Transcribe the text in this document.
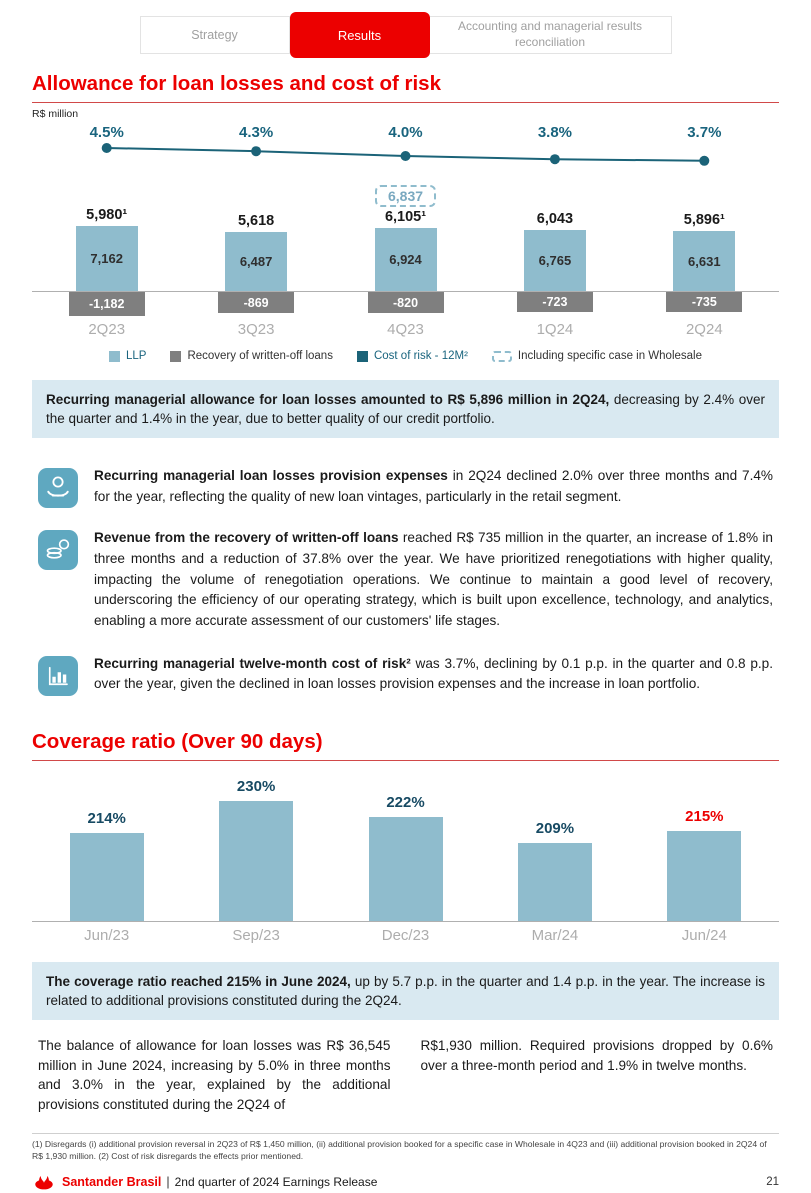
Strategy	Results
Accounting and managerial results reconciliation
Allowance for loan losses and cost of risk
R$ million
4.5%	4.3%	4.0%	3.8%	3.7%
5,980¹
7,162
5,618
6,487
6,837
6,105¹
6,924
6,043
6,765
5,896¹
6,631
-1,182	-869	-820	-723	-735
2Q23	3Q23	4Q23	1Q24	2Q24
LLP	Recovery of written-off loans	Cost of risk - 12M²	Including specific case in Wholesale
Recurring managerial allowance for loan losses amounted to R$ 5,896 million in 2Q24, decreasing by 2.4% over the quarter and 1.4% in the year, due to better quality of our credit portfolio.
Recurring managerial loan losses provision expenses in 2Q24 declined 2.0% over three months and 7.4% for the year, reflecting the quality of new loan vintages, particularly in the retail segment.
Revenue from the recovery of written-off loans reached R$ 735 million in the quarter, an increase of 1.8% in three months and a reduction of 37.8% over the year. We have prioritized renegotiations with higher quality, impacting the volume of renegotiation operations. We continue to maintain a good level of recovery, underscoring the efficiency of our operating strategy, which is built upon excellence, technology, and analytics, enabling a more accurate assessment of our customers' life stages.
Recurring managerial twelve-month cost of risk² was 3.7%, declining by 0.1 p.p. in the quarter and 0.8 p.p. over the year, given the declined in loan losses provision expenses and the increase in loan portfolio.
Coverage ratio (Over 90 days)
214%
230%
222%
209%
215%
Jun/23	Sep/23	Dec/23	Mar/24	Jun/24
The coverage ratio reached 215% in June 2024, up by 5.7 p.p. in the quarter and 1.4 p.p. in the year. The increase is related to additional provisions constituted during the 2Q24.

The balance of allowance for loan losses was R$ 36,545 million in June 2024, increasing by 5.0% in three months and 3.0% in the year, explained by the additional provisions constituted during the 2Q24 of

R$1,930 million. Required provisions dropped by 0.6% over a three-month period and 1.9% in twelve months.

(1) Disregards (i) additional provision reversal in 2Q23 of R$ 1,450 million, (ii) additional provision booked for a specific case in Wholesale in 4Q23 and (iii) additional provision booked in 2Q24 of R$ 1,930 million. (2) Cost of risk disregards the effects prior mentioned.
Santander Brasil | 2nd quarter of 2024 Earnings Release	21
